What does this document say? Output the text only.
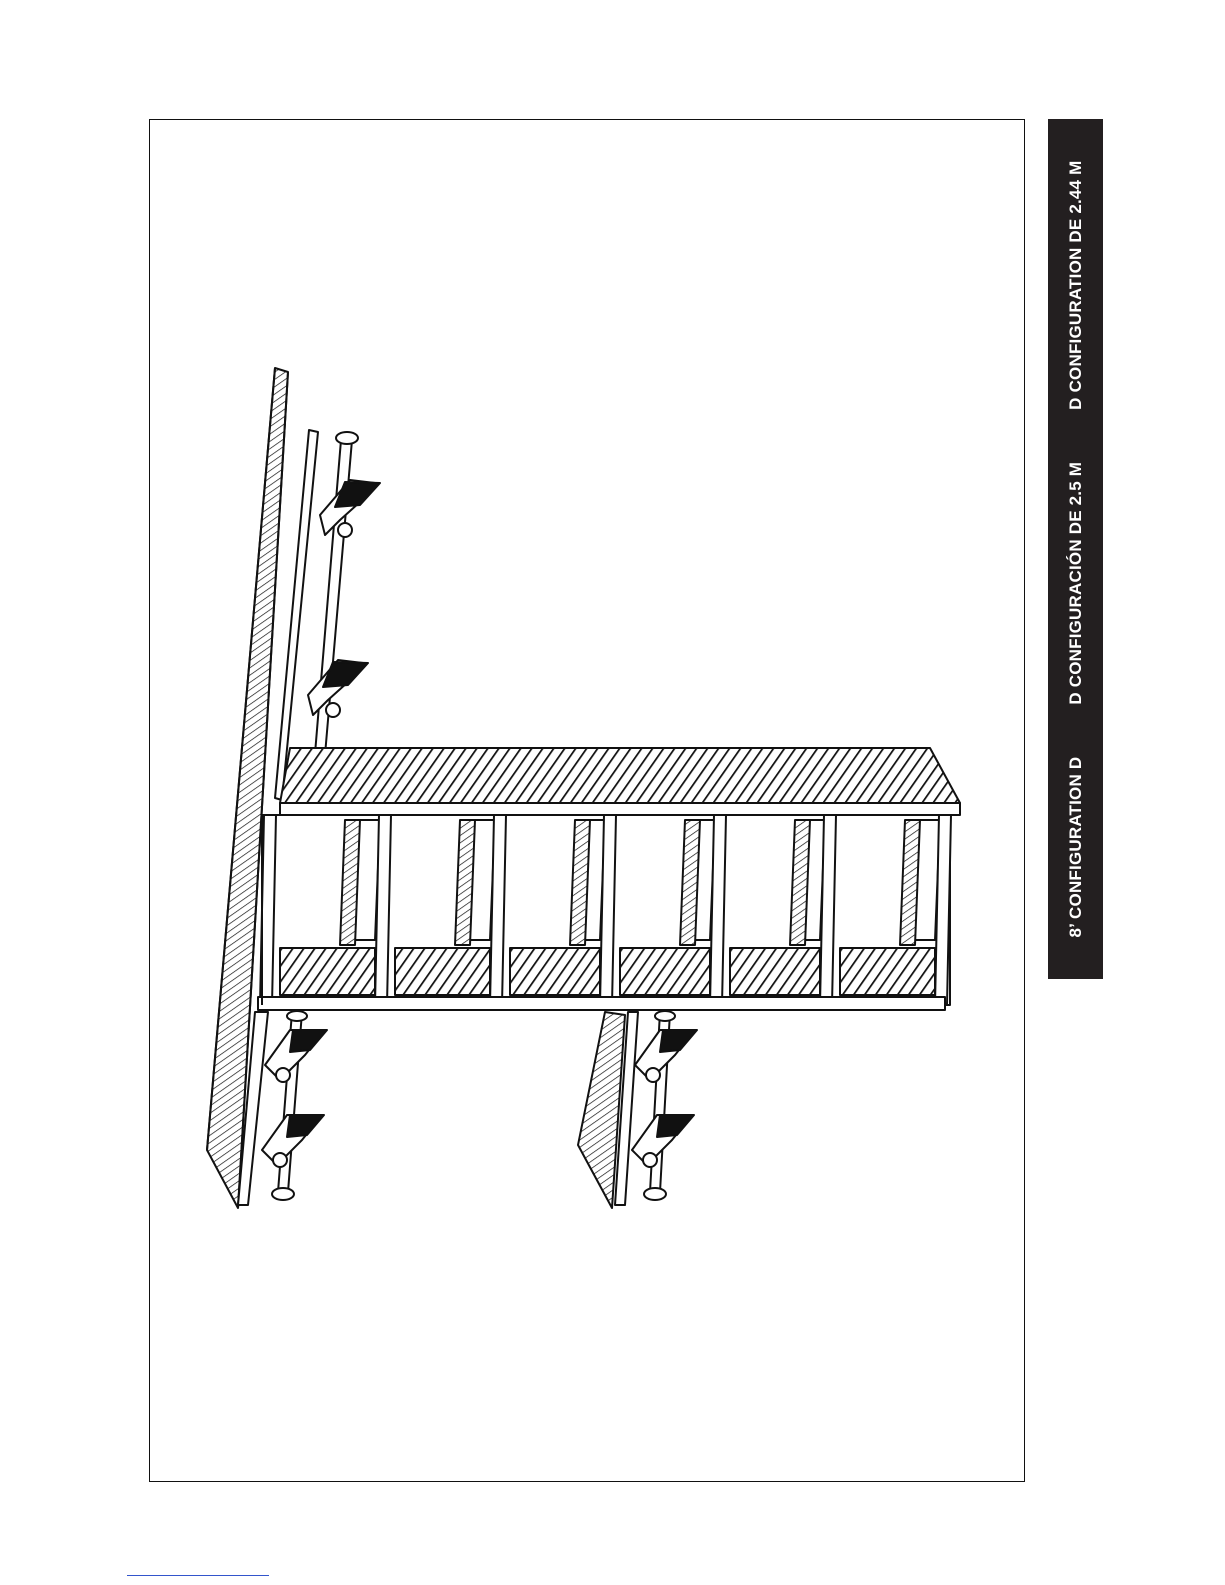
8’ CONFIGURATION D
D CONFIGURACIÓN DE 2.5 M
D CONFIGURATION DE 2.44 M
